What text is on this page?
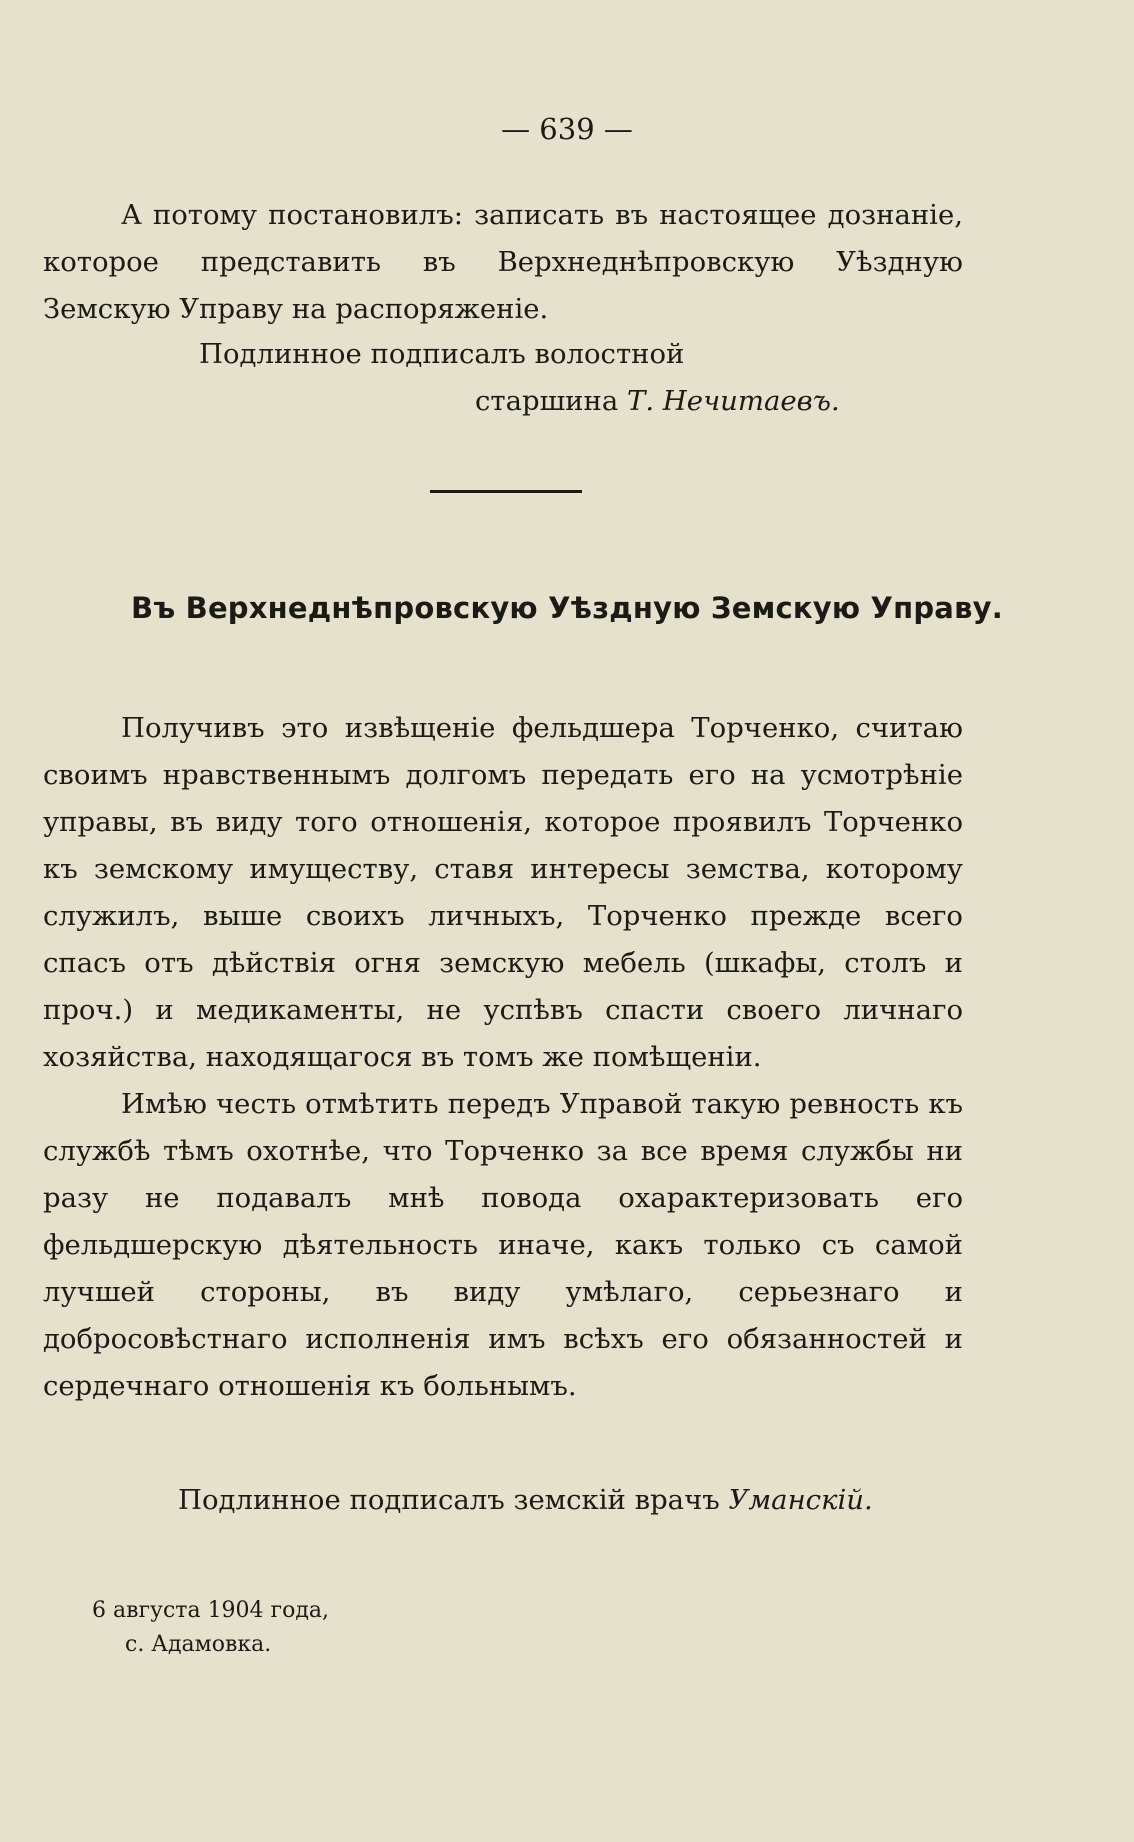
— 639 —

А потому постановилъ: записать въ настоящее дознаніе, которое представить въ Верхнеднѣпровскую Уѣздную Земскую Управу на распоряженіе.

Подлинное подписалъ волостной
старшина Т. Нечитаевъ.
Въ Верхнеднѣпровскую Уѣздную Земскую Управу.

Получивъ это извѣщеніе фельдшера Торченко, считаю своимъ нравственнымъ долгомъ передать его на усмотрѣніе управы, въ виду того отношенія, которое проявилъ Торченко къ земскому имуществу, ставя интересы земства, которому служилъ, выше своихъ личныхъ, Торченко прежде всего спасъ отъ дѣйствія огня земскую мебель (шкафы, столъ и проч.) и медикаменты, не успѣвъ спасти своего личнаго хозяйства, находящагося въ томъ же помѣщеніи.

Имѣю честь отмѣтить передъ Управой такую ревность къ службѣ тѣмъ охотнѣе, что Торченко за все время службы ни разу не подавалъ мнѣ повода охарактеризовать его фельдшерскую дѣятельность иначе, какъ только съ самой лучшей стороны, въ виду умѣлаго, серьезнаго и добросовѣстнаго исполненія имъ всѣхъ его обязанностей и сердечнаго отношенія къ больнымъ.

Подлинное подписалъ земскій врачъ Уманскій.
6 августа 1904 года,
с. Адамовка.
